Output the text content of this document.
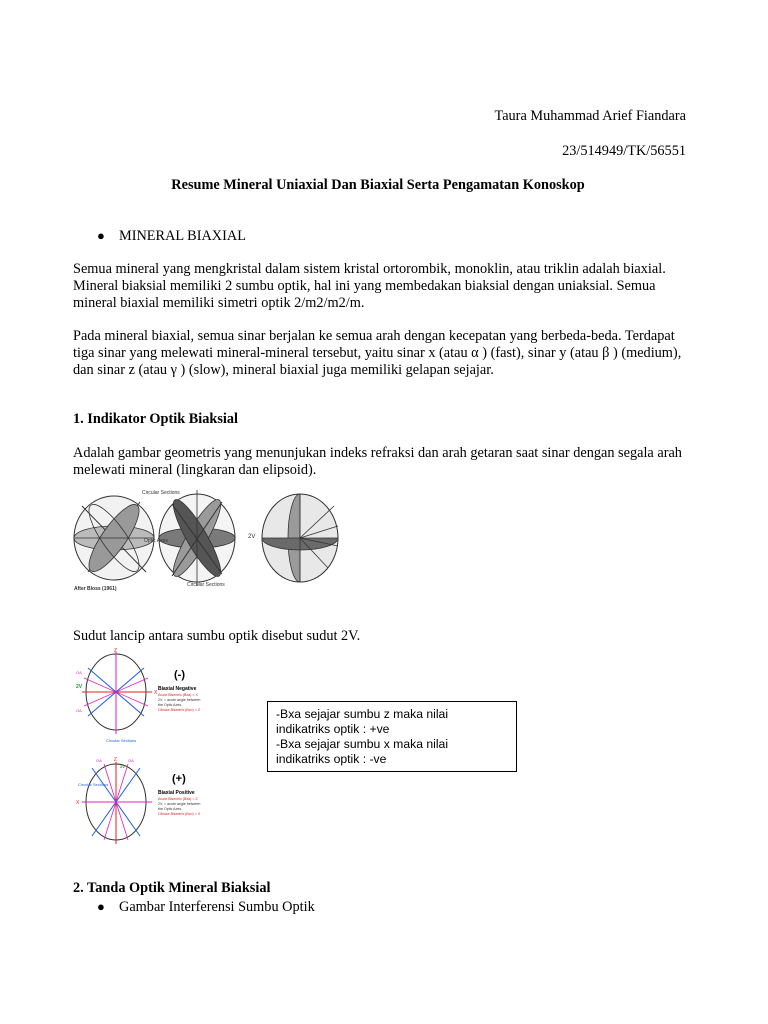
Taura Muhammad Arief Fiandara
23/514949/TK/56551
Resume Mineral Uniaxial Dan Biaxial Serta Pengamatan Konoskop
● MINERAL BIAXIAL
Semua mineral yang mengkristal dalam sistem kristal ortorombik, monoklin, atau triklin adalah biaxial. Mineral biaksial memiliki 2 sumbu optik, hal ini yang membedakan biaksial dengan uniaksial. Semua mineral biaxial memiliki simetri optik 2/m2/m2/m.
Pada mineral biaxial, semua sinar berjalan ke semua arah dengan kecepatan yang berbeda-beda. Terdapat tiga sinar yang melewati mineral-mineral tersebut, yaitu sinar x (atau α ) (fast), sinar y (atau β ) (medium), dan sinar z (atau γ ) (slow), mineral biaxial juga memiliki gelapan sejajar.
1. Indikator Optik Biaksial
Adalah gambar geometris yang menunjukan indeks refraksi dan arah getaran saat sinar dengan segala arah melewati mineral (lingkaran dan elipsoid).
After Bloss (1961)
Optic Axes
Circular Sections
Circular Sections
2V
Sudut lancip antara sumbu optik disebut sudut 2V.
Z
X
2V
OA
OA
Circular Sections
(-)
Biaxial Negative
Acute Bisectrix (Bxa) = X
2V, = acute angle between
the Optic Axes.
Obtuse Bisectrix (Bxo) = Z
Z
X
OA	OA
2V
Circular Sections	(+)
Biaxial Positive
Acute Bisectrix (Bxa) = Z
2V, = acute angle between
the Optic Axes.
Obtuse Bisectrix (Bxo) = X
-Bxa sejajar sumbu z maka nilai
indikatriks optik : +ve
-Bxa sejajar sumbu x maka nilai
indikatriks optik : -ve
2. Tanda Optik Mineral Biaksial
● Gambar Interferensi Sumbu Optik
